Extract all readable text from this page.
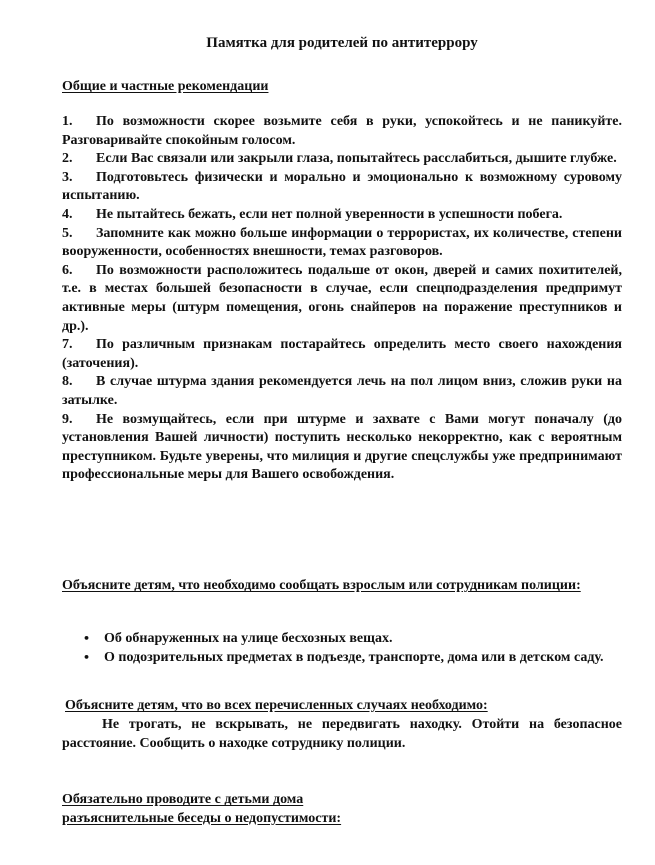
Памятка для родителей по антитеррору
Общие и частные рекомендации
1. По возможности скорее возьмите себя в руки, успокойтесь и не паникуйте. Разговаривайте спокойным голосом.
2. Если Вас связали или закрыли глаза, попытайтесь расслабиться, дышите глубже.
3. Подготовьтесь физически и морально и эмоционально к возможному суровому испытанию.
4. Не пытайтесь бежать, если нет полной уверенности в успешности побега.
5. Запомните как можно больше информации о террористах, их количестве, степени вооруженности, особенностях внешности, темах разговоров.
6. По возможности расположитесь подальше от окон, дверей и самих похитителей, т.е. в местах большей безопасности в случае, если спецподразделения предпримут активные меры (штурм помещения, огонь снайперов на поражение преступников и др.).
7. По различным признакам постарайтесь определить место своего нахождения (заточения).
8. В случае штурма здания рекомендуется лечь на пол лицом вниз, сложив руки на затылке.
9. Не возмущайтесь, если при штурме и захвате с Вами могут поначалу (до установления Вашей личности) поступить несколько некорректно, как с вероятным преступником. Будьте уверены, что милиция и другие спецслужбы уже предпринимают профессиональные меры для Вашего освобождения.
Объясните детям, что необходимо сообщать взрослым или сотрудникам полиции:
• Об обнаруженных на улице бесхозных вещах.
• О подозрительных предметах в подъезде, транспорте, дома или в детском саду.
Объясните детям, что во всех перечисленных случаях необходимо:

Не трогать, не вскрывать, не передвигать находку. Отойти на безопасное расстояние. Сообщить о находке сотруднику полиции.

Обязательно проводите с детьми дома
разъяснительные беседы о недопустимости:
